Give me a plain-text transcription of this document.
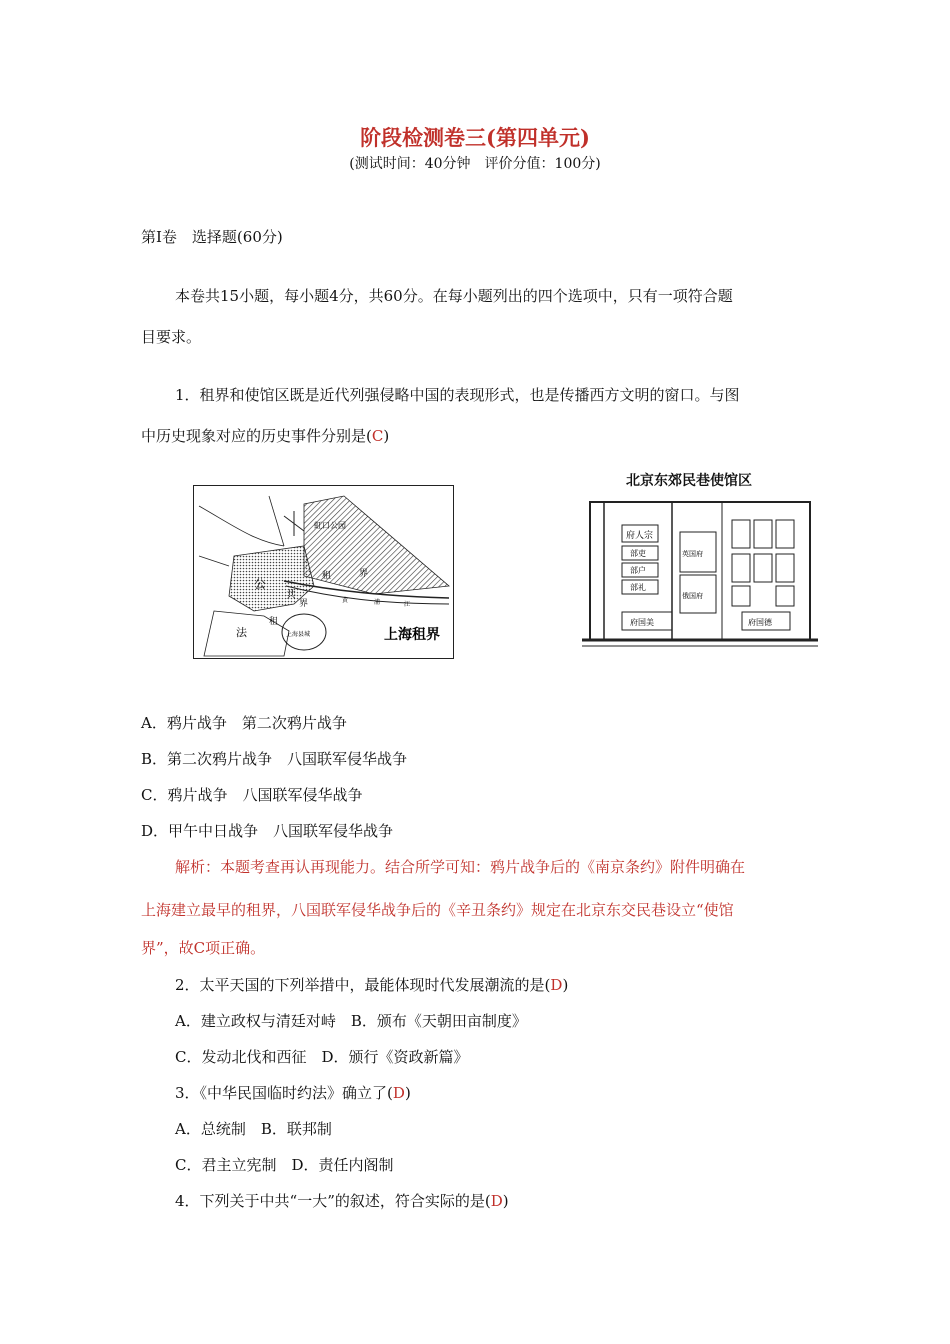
阶段检测卷三(第四单元)
(测试时间：40分钟　评价分值：100分)
第Ⅰ卷　选择题(60分)
本卷共15小题，每小题4分，共60分。在每小题列出的四个选项中，只有一项符合题
目要求。
1．租界和使馆区既是近代列强侵略中国的表现形式，也是传播西方文明的窗口。与图
中历史现象对应的历史事件分别是(C)
虹口公园
公
共
租	界
法
租
界
上海县城
黄	浦	江
上海租界
北京东郊民巷使馆区
府人宗
部吏
部户
部礼
英国府
俄国府
府国美	府国德
A．鸦片战争　第二次鸦片战争
B．第二次鸦片战争　八国联军侵华战争
C．鸦片战争　八国联军侵华战争
D．甲午中日战争　八国联军侵华战争
解析：本题考查再认再现能力。结合所学可知：鸦片战争后的《南京条约》附件明确在
上海建立最早的租界，八国联军侵华战争后的《辛丑条约》规定在北京东交民巷设立“使馆
界”，故C项正确。
2．太平天国的下列举措中，最能体现时代发展潮流的是(D)
A．建立政权与清廷对峙　B．颁布《天朝田亩制度》
C．发动北伐和西征　D．颁行《资政新篇》
3．《中华民国临时约法》确立了(D)
A．总统制　B．联邦制
C．君主立宪制　D．责任内阁制
4．下列关于中共“一大”的叙述，符合实际的是(D)
